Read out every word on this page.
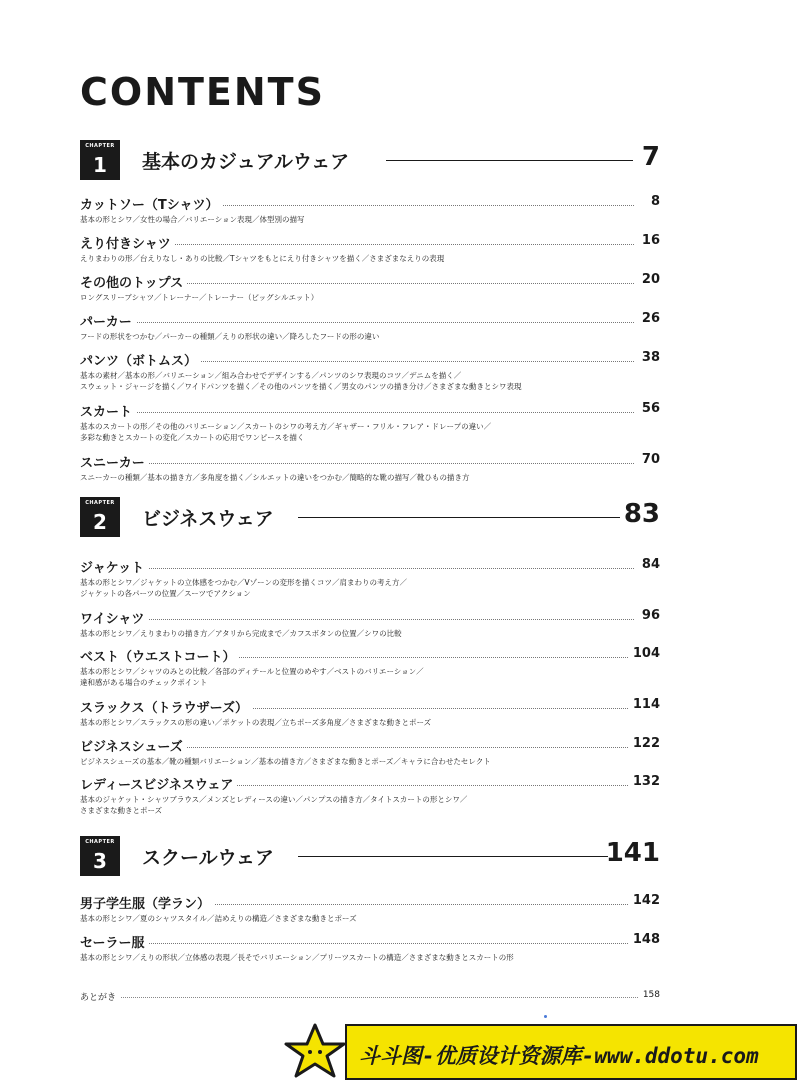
CONTENTS
CHAPTER
1	基本のカジュアルウェア	7
カットソー（Tシャツ）	8
基本の形とシワ／女性の場合／バリエーション表現／体型別の描写
えり付きシャツ	16
えりまわりの形／台えりなし・ありの比較／Tシャツをもとにえり付きシャツを描く／さまざまなえりの表現
その他のトップス	20
ロングスリーブシャツ／トレーナー／トレーナー（ビッグシルエット）
パーカー	26
フードの形状をつかむ／パーカーの種類／えりの形状の違い／降ろしたフードの形の違い
パンツ（ボトムス）	38
基本の素材／基本の形／バリエーション／組み合わせでデザインする／パンツのシワ表現のコツ／デニムを描く／
スウェット・ジャージを描く／ワイドパンツを描く／その他のパンツを描く／男女のパンツの描き分け／さまざまな動きとシワ表現
スカート	56
基本のスカートの形／その他のバリエーション／スカートのシワの考え方／ギャザー・フリル・フレア・ドレープの違い／
多彩な動きとスカートの変化／スカートの応用でワンピースを描く
スニーカー	70
スニーカーの種類／基本の描き方／多角度を描く／シルエットの違いをつかむ／簡略的な靴の描写／靴ひもの描き方
CHAPTER
2	ビジネスウェア	83
ジャケット	84
基本の形とシワ／ジャケットの立体感をつかむ／Vゾーンの変形を描くコツ／肩まわりの考え方／
ジャケットの各パーツの位置／スーツでアクション
ワイシャツ	96
基本の形とシワ／えりまわりの描き方／アタリから完成まで／カフスボタンの位置／シワの比較
ベスト（ウエストコート）	104
基本の形とシワ／シャツのみとの比較／各部のディテールと位置のめやす／ベストのバリエーション／
違和感がある場合のチェックポイント
スラックス（トラウザーズ）	114
基本の形とシワ／スラックスの形の違い／ポケットの表現／立ちポーズ多角度／さまざまな動きとポーズ
ビジネスシューズ	122
ビジネスシューズの基本／靴の種類バリエーション／基本の描き方／さまざまな動きとポーズ／キャラに合わせたセレクト
レディースビジネスウェア	132
基本のジャケット・シャツブラウス／メンズとレディースの違い／パンプスの描き方／タイトスカートの形とシワ／
さまざまな動きとポーズ
CHAPTER
3	スクールウェア	141
男子学生服（学ラン）	142
基本の形とシワ／夏のシャツスタイル／詰めえりの構造／さまざまな動きとポーズ
セーラー服	148
基本の形とシワ／えりの形状／立体感の表現／長そでバリエーション／プリーツスカートの構造／さまざまな動きとスカートの形
あとがき	158
斗斗图-优质设计资源库-www.ddotu.com
